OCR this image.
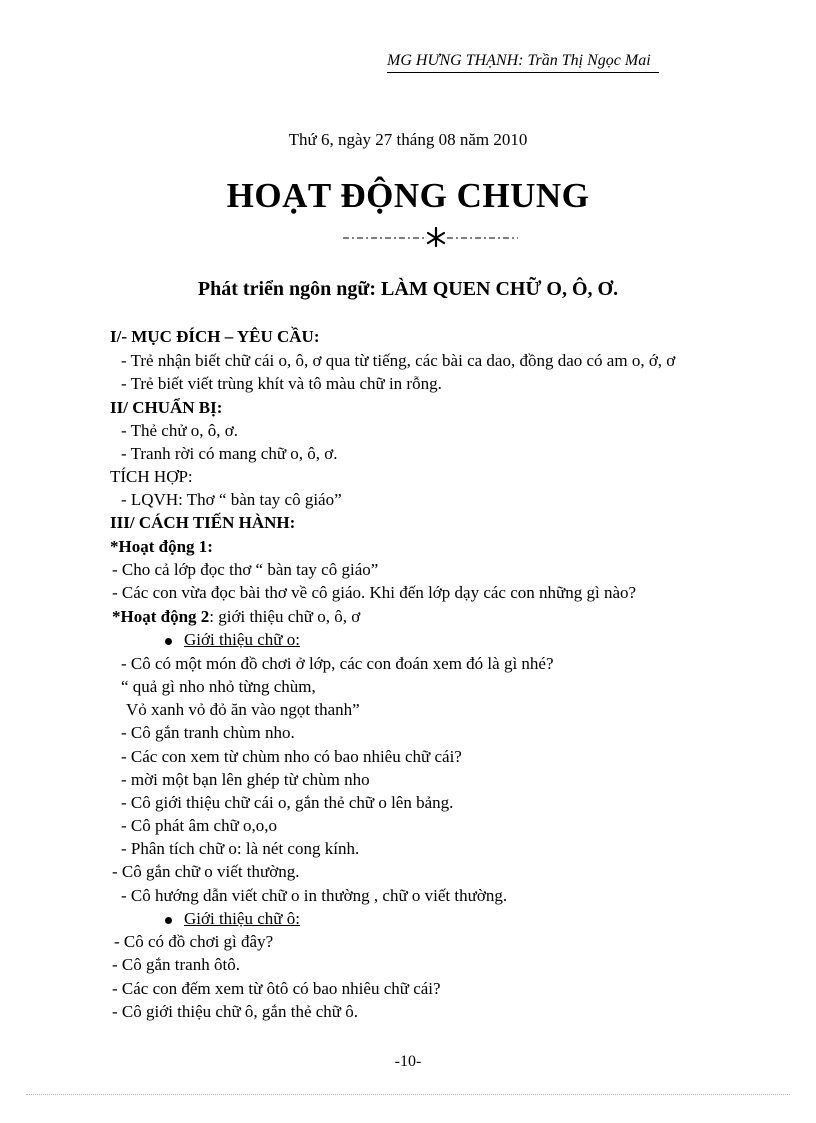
MG HƯNG THẠNH: Trần Thị Ngọc Mai
Thứ 6, ngày 27 tháng 08 năm 2010
HOẠT ĐỘNG CHUNG
Phát triển ngôn ngữ: LÀM QUEN CHỮ O, Ô, Ơ.
I/- MỤC ĐÍCH – YÊU CẦU:
- Trẻ nhận biết chữ cái o, ô, ơ qua từ tiếng, các bài ca dao, đồng dao có am o, ớ, ơ
- Trẻ biết viết trùng khít và tô màu chữ in rỗng.
II/ CHUẨN BỊ:
- Thẻ chử o, ô, ơ.
- Tranh rời có mang chữ o, ô, ơ.
TÍCH HỢP:
- LQVH: Thơ “ bàn tay cô giáo”
III/ CÁCH TIẾN HÀNH:
*Hoạt động 1:
- Cho cả lớp đọc thơ “ bàn tay cô giáo”
- Các con vừa đọc bài thơ về cô giáo. Khi đến lớp dạy các con những gì nào?
*Hoạt động 2: giới thiệu chữ o, ô, ơ
Giới thiệu chữ o:
- Cô có một món đồ chơi ở lớp, các con đoán xem đó là gì nhé?
“ quả gì nho nhỏ từng chùm,
Vỏ xanh vỏ đỏ ăn vào ngọt thanh”
- Cô gắn tranh chùm nho.
- Các con xem từ chùm nho có bao nhiêu chữ cái?
- mời một bạn lên ghép từ chùm nho
- Cô giới thiệu chữ cái o, gắn thẻ chữ o lên bảng.
- Cô phát âm chữ o,o,o
- Phân tích chữ o: là nét cong kính.
- Cô gắn chữ o viết thường.
- Cô hướng dẫn viết chữ o in thường , chữ o viết thường.
Giới thiệu chữ ô:
- Cô có đồ chơi gì đây?
- Cô gắn tranh ôtô.
- Các con đếm xem từ ôtô có bao nhiêu chữ cái?
- Cô giới thiệu chữ ô, gắn thẻ chữ ô.
-10-
